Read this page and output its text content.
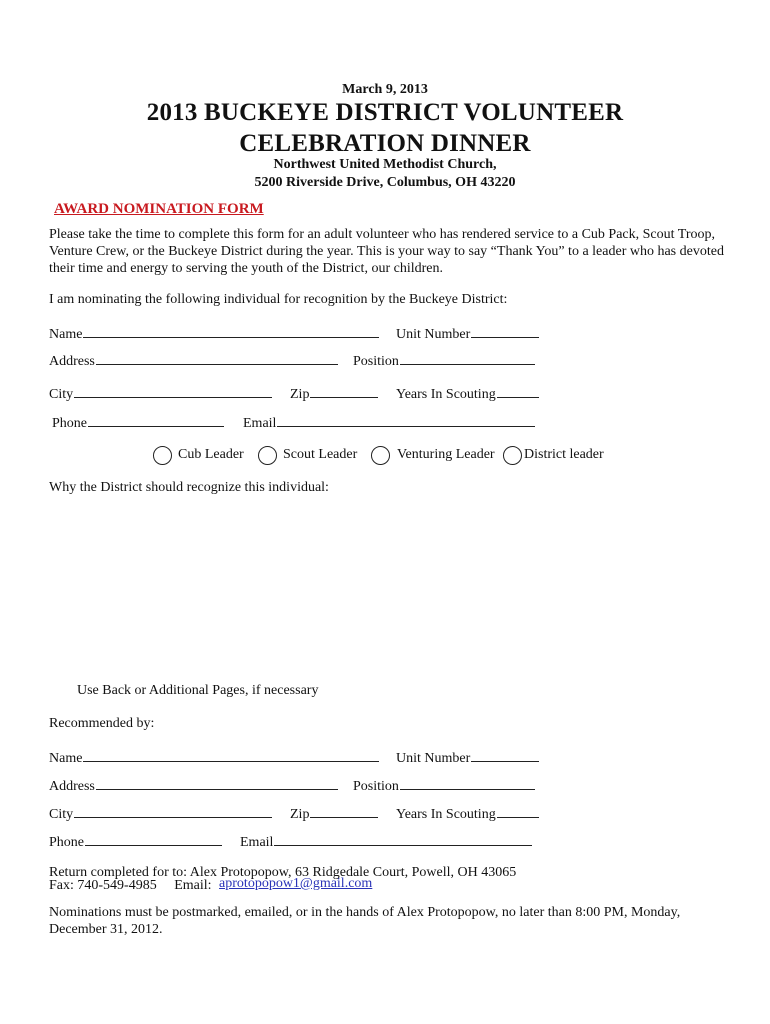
March 9, 2013
2013 BUCKEYE DISTRICT VOLUNTEER
CELEBRATION DINNER
Northwest United Methodist Church,
5200 Riverside Drive, Columbus, OH 43220
AWARD NOMINATION FORM
Please take the time to complete this form for an adult volunteer who has rendered service to a Cub Pack, Scout Troop, Venture Crew, or the Buckeye District during the year. This is your way to say “Thank You” to a leader who has devoted their time and energy to serving the youth of the District, our children.
I am nominating the following individual for recognition by the Buckeye District:
Name	Unit Number
Address	Position
City	Zip	Years In Scouting
Phone	Email
Cub Leader	Scout Leader	Venturing Leader District leader
Why the District should recognize this individual:
Use Back or Additional Pages, if necessary
Recommended by:
Name	Unit Number
Address	Position
City	Zip	Years In Scouting
Phone	Email
Return completed for to: Alex Protopopow, 63 Ridgedale Court, Powell, OH 43065
Fax: 740-549-4985 Email: aprotopopow1@gmail.com
Nominations must be postmarked, emailed, or in the hands of Alex Protopopow, no later than 8:00 PM, Monday, December 31, 2012.
